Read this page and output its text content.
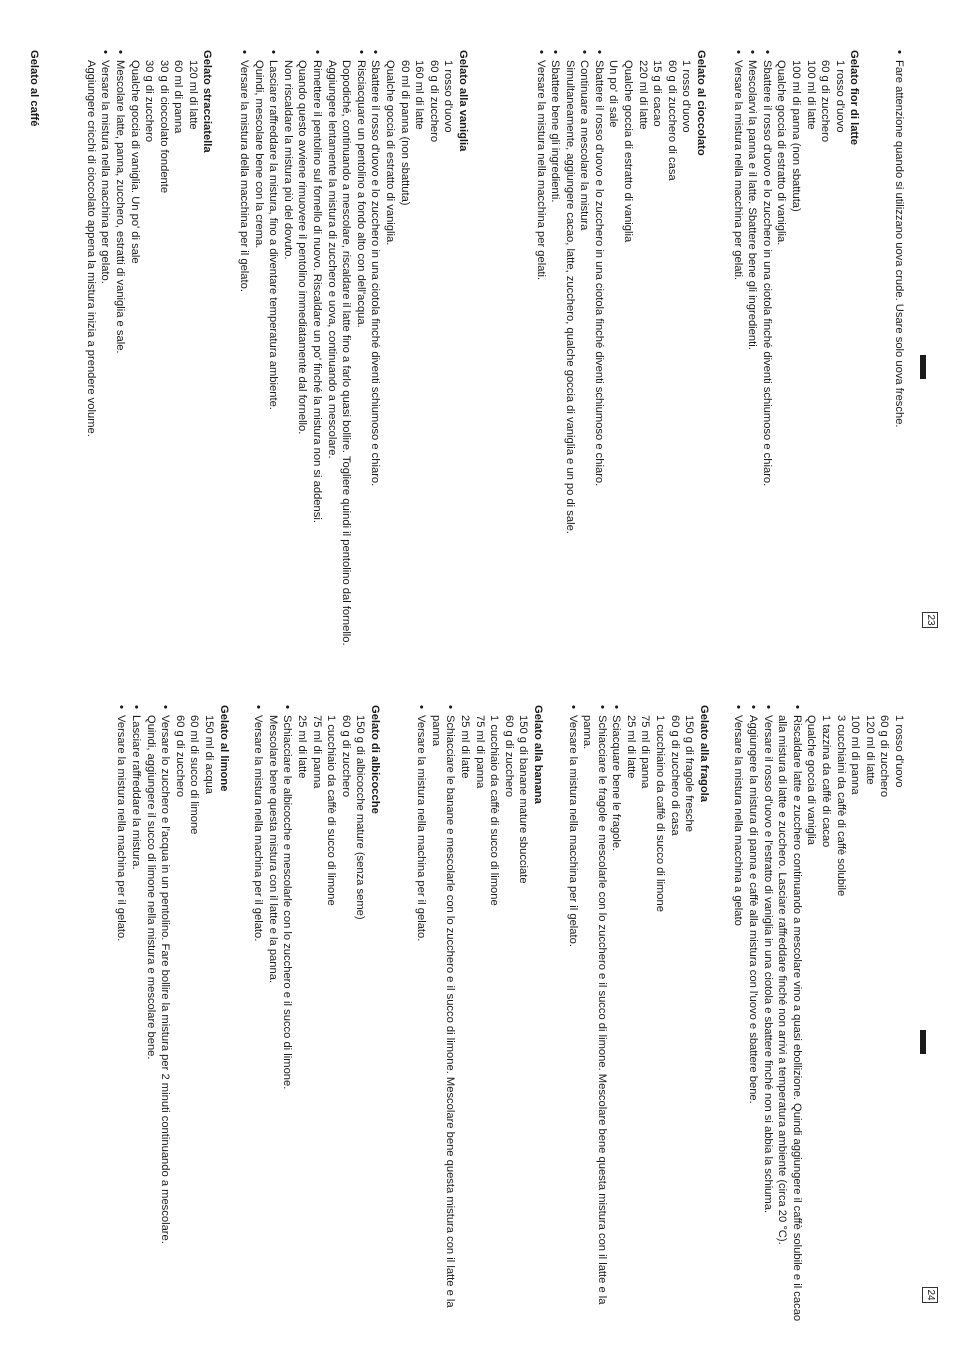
• Fare attenzione quando si utilizzano uova crude. Usare solo uova fresche.
Gelato fior di latte
1 rosso d'uovo
60 g di zucchero
100 ml di latte
100 ml di panna (non sbattuta)
Qualche goccia di estratto di vaniglia.
• Sbattere il rosso d'uovo e lo zucchero in una ciotola finché diventi schiumoso e chiaro.
• Mescolarvi la panna e il latte. Sbattere bene gli ingredienti.
• Versare la mistura nella macchina per gelati.
Gelato al cioccolato
1 rosso d'uovo
60 g di zucchero di casa
15 g di cacao
220 ml di latte
Qualche goccia di estratto di vaniglia
Un po' di sale
• Sbattere il rosso d'uovo e lo zucchero in una ciotola finché diventi schiumoso e chiaro.
• Continuare a mescolare la mistura
Simultaneamente, aggiungere cacao, latte, zucchero, qualche goccia di vaniglia e un po di sale.
• Sbattere bene gli ingredienti.
• Versare la mistura nella macchina per gelati.
Gelato alla vaniglia
1 rosso d'uovo
60 g di zucchero
160 ml di latte
60 ml di panna (non sbattuta)
Qualche goccia di estratto di vaniglia.
• Sbattere il rosso d'uovo e lo zucchero in una ciotola finché diventi schiumoso e chiaro.
• Risciacquare un pentolino a fondo alto con dell'acqua.
Dopodiché, continuando a mescolare, riscaldare il latte fino a farlo quasi bollire. Togliere quindi il pentolino dal fornello. Aggiungere lentamente la mistura di zucchero e uova, continuando a mescolare.
• Rimettere il pentolino sul fornello di nuovo. Riscaldare un po' finché la mistura non si addensi.
Quando questo avviene rimuovere il pentolino immediatamente dal fornello.
Non riscaldare la mistura più del dovuto.
• Lasciare raffreddare la mistura, fino a diventare temperatura ambiente.
Quindi, mescolare bene con la crema.
• Versare la mistura della macchina per il gelato.
Gelato stracciatella
120 ml di latte
60 ml di panna
30 g di cioccolato fondente
30 g di zucchero
Qualche goccia di vaniglia. Un po' di sale
• Mescolare latte, panna, zucchero, estratti di vaniglia e sale.
• Versare la mistura nella macchina per gelato.
Aggiungere cricchi di cioccolato appena la mistura inizia a prendere volume.
Gelato al caffé
23
1 rosso d'uovo
60 g di zucchero
120 ml di latte
100 ml di panna
3 cucchiaini da caffè di caffè solubile
1 tazzina da caffè di cacao
Qualche goccia di vaniglia
• Riscaldare latte e zucchero continuando a mescolare vino a quasi ebollizione. Quindi aggiungere il caffè solubile e il cacao alla mistura di latte e zucchero. Lasciare raffreddare finché non arrivi a temperatura ambiente (circa 20 °C).
• Versare il rosso d'uovo e l'estratto di vaniglia in una ciotola e sbattere finché non si abbia la schiuma.
• Aggiungere la mistura di panna e caffè alla mistura con l'uovo e sbattere bene.
• Versare la mistura nella macchina a gelato
Gelato alla fragola
150 g di fragole fresche
60 g di zucchero di casa
1 cucchiaino da caffè di succo di limone
75 ml di panna
25 ml di latte
• Sciacquare bene le fragole.
• Schiacciare le fragole e mescolarle con lo zucchero e il succo di limone. Mescolare bene questa mistura con il latte e la panna.
• Versare la mistura nella macchina per il gelato.
Gelato alla banana
150 g di banane mature sbucciate
60 g di zucchero
1 cucchiaio da caffè di succo di limone
75 ml di panna
25 ml di latte
• Schiacciare le banane e mescolarle con lo zucchero e il succo di limone. Mescolare bene questa mistura con il latte e la panna
• Versare la mistura nella machina per il gelato.
Gelato di albicocche
150 g di albicocche mature (senza seme)
60 g di zucchero
1 cucchiaio da caffè di succo di limone
75 ml di panna
25 ml di latte
• Schiacciare le albicocche e mescolarle con lo zucchero e il succo di limone.
Mescolare bene questa mistura con il latte e la panna.
• Versare la mistura nella machina per il gelato.
Gelato al limone
150 ml di acqua
60 ml di succo di limone
60 g di zucchero
• Versare lo zucchero e l'acqua in un pentolino. Fare bollire la mistura per 2 minuti continuando a mescolare.
Quindi, aggiungere il succo di limone nella mistura e mescolare bene.
• Lasciare raffreddare la mistura.
• Versare la mistura nella machina per il gelato.
24
